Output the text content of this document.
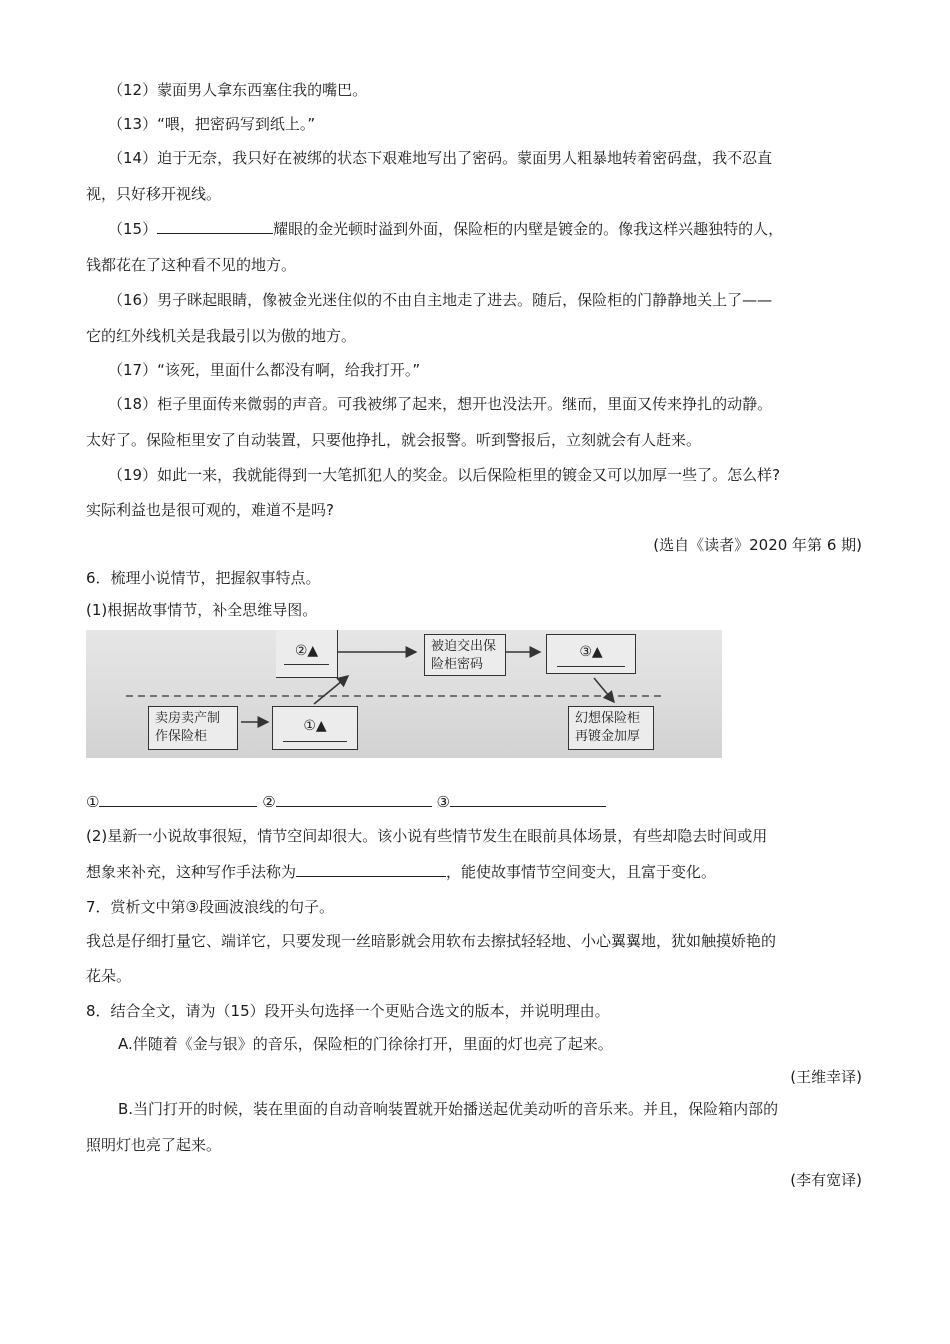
（12）蒙面男人拿东西塞住我的嘴巴。
（13）“喂，把密码写到纸上。”
（14）迫于无奈，我只好在被绑的状态下艰难地写出了密码。蒙面男人粗暴地转着密码盘，我不忍直
视，只好移开视线。
（15）	耀眼的金光顿时溢到外面，保险柜的内壁是镀金的。像我这样兴趣独特的人，
钱都花在了这种看不见的地方。
（16）男子眯起眼睛，像被金光迷住似的不由自主地走了进去。随后，保险柜的门静静地关上了——
它的红外线机关是我最引以为傲的地方。
（17）“该死，里面什么都没有啊，给我打开。”
（18）柜子里面传来微弱的声音。可我被绑了起来，想开也没法开。继而，里面又传来挣扎的动静。
太好了。保险柜里安了自动装置，只要他挣扎，就会报警。听到警报后，立刻就会有人赶来。
（19）如此一来，我就能得到一大笔抓犯人的奖金。以后保险柜里的镀金又可以加厚一些了。怎么样?
实际利益也是很可观的，难道不是吗?
(选自《读者》2020 年第 6 期)
6．梳理小说情节，把握叙事特点。
(1)根据故事情节，补全思维导图。
②▲	被迫交出保
险柜密码
③▲
卖房卖产制
作保险柜
①▲	幻想保险柜
再镀金加厚
①	②	③
(2)星新一小说故事很短，情节空间却很大。该小说有些情节发生在眼前具体场景，有些却隐去时间或用
想象来补充，这种写作手法称为	，能使故事情节空间变大，且富于变化。
7．赏析文中第③段画波浪线的句子。
我总是仔细打量它、端详它，只要发现一丝暗影就会用软布去擦拭轻轻地、小心翼翼地，犹如触摸娇艳的
花朵。
8．结合全文，请为（15）段开头句选择一个更贴合选文的版本，并说明理由。
A.伴随着《金与银》的音乐，保险柜的门徐徐打开，里面的灯也亮了起来。
(王维幸译)
B.当门打开的时候，装在里面的自动音响装置就开始播送起优美动听的音乐来。并且，保险箱内部的
照明灯也亮了起来。
(李有宽译)
